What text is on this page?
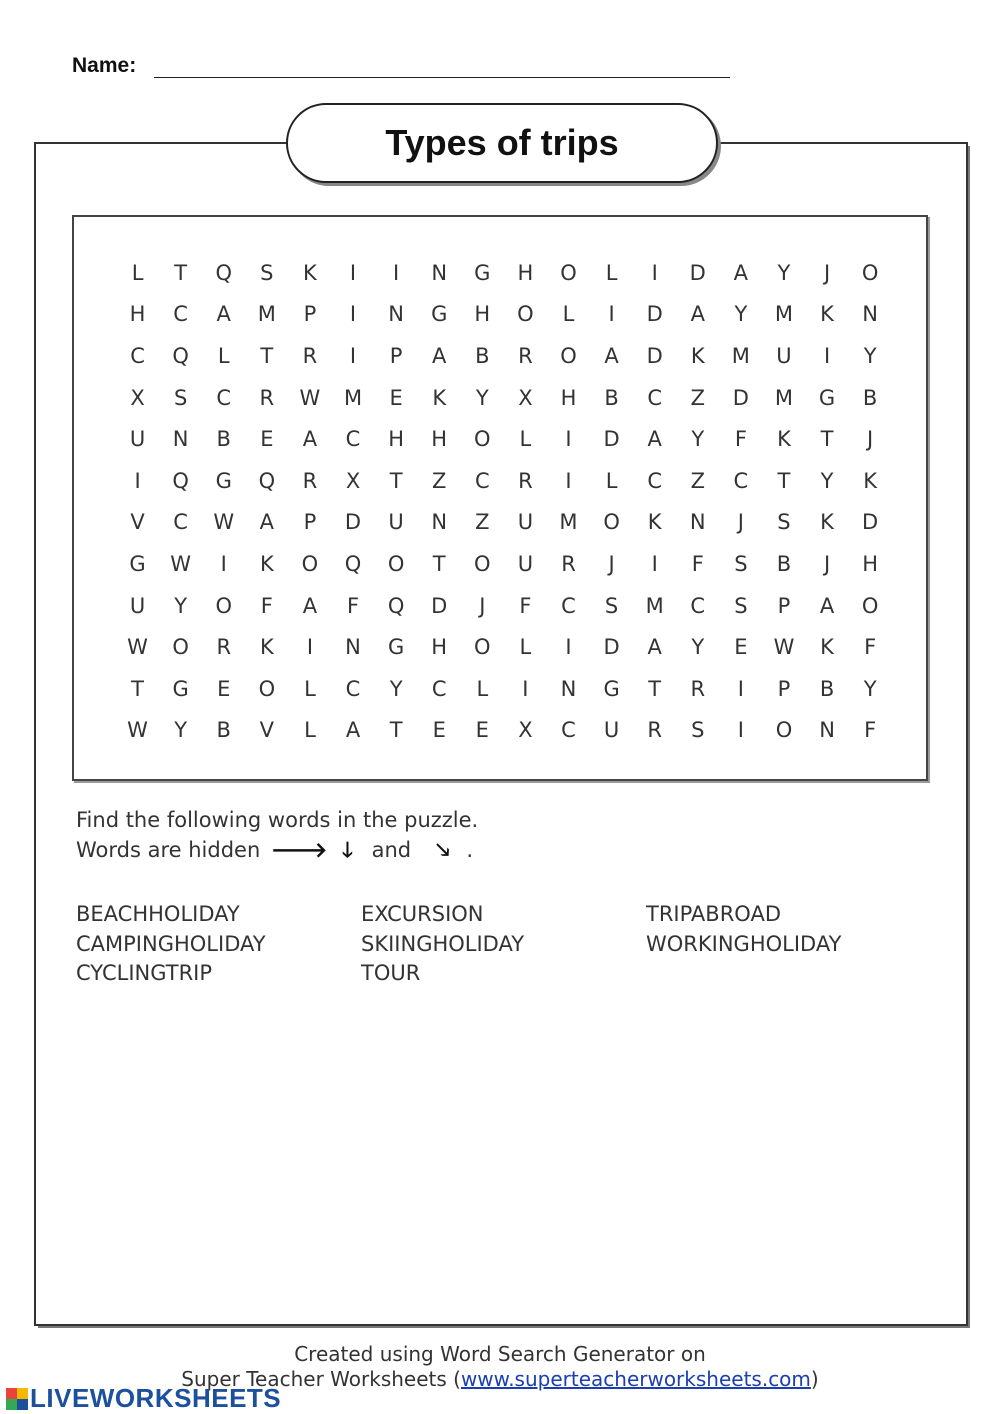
Name:
Types of trips
L	T	Q	S	K	I	I	N	G	H	O	L	I	D	A	Y	J	O
H	C	A	M	P	I	N	G	H	O	L	I	D	A	Y	M	K	N
C	Q	L	T	R	I	P	A	B	R	O	A	D	K	M	U	I	Y
X	S	C	R	W	M	E	K	Y	X	H	B	C	Z	D	M	G	B
U	N	B	E	A	C	H	H	O	L	I	D	A	Y	F	K	T	J
I	Q	G	Q	R	X	T	Z	C	R	I	L	C	Z	C	T	Y	K
V	C	W	A	P	D	U	N	Z	U	M	O	K	N	J	S	K	D
G	W	I	K	O	Q	O	T	O	U	R	J	I	F	S	B	J	H
U	Y	O	F	A	F	Q	D	J	F	C	S	M	C	S	P	A	O
W	O	R	K	I	N	G	H	O	L	I	D	A	Y	E	W	K	F
T	G	E	O	L	C	Y	C	L	I	N	G	T	R	I	P	B	Y
W	Y	B	V	L	A	T	E	E	X	C	U	R	S	I	O	N	F
Find the following words in the puzzle.
Words are hidden 🡒 🡓 and 🡖 .
BEACHHOLIDAY	EXCURSION	TRIPABROAD
CAMPINGHOLIDAY	SKIINGHOLIDAY	WORKINGHOLIDAY
CYCLINGTRIP	TOUR
Created using Word Search Generator on
Super Teacher Worksheets (www.superteacherworksheets.com)
LIVEWORKSHEETS
